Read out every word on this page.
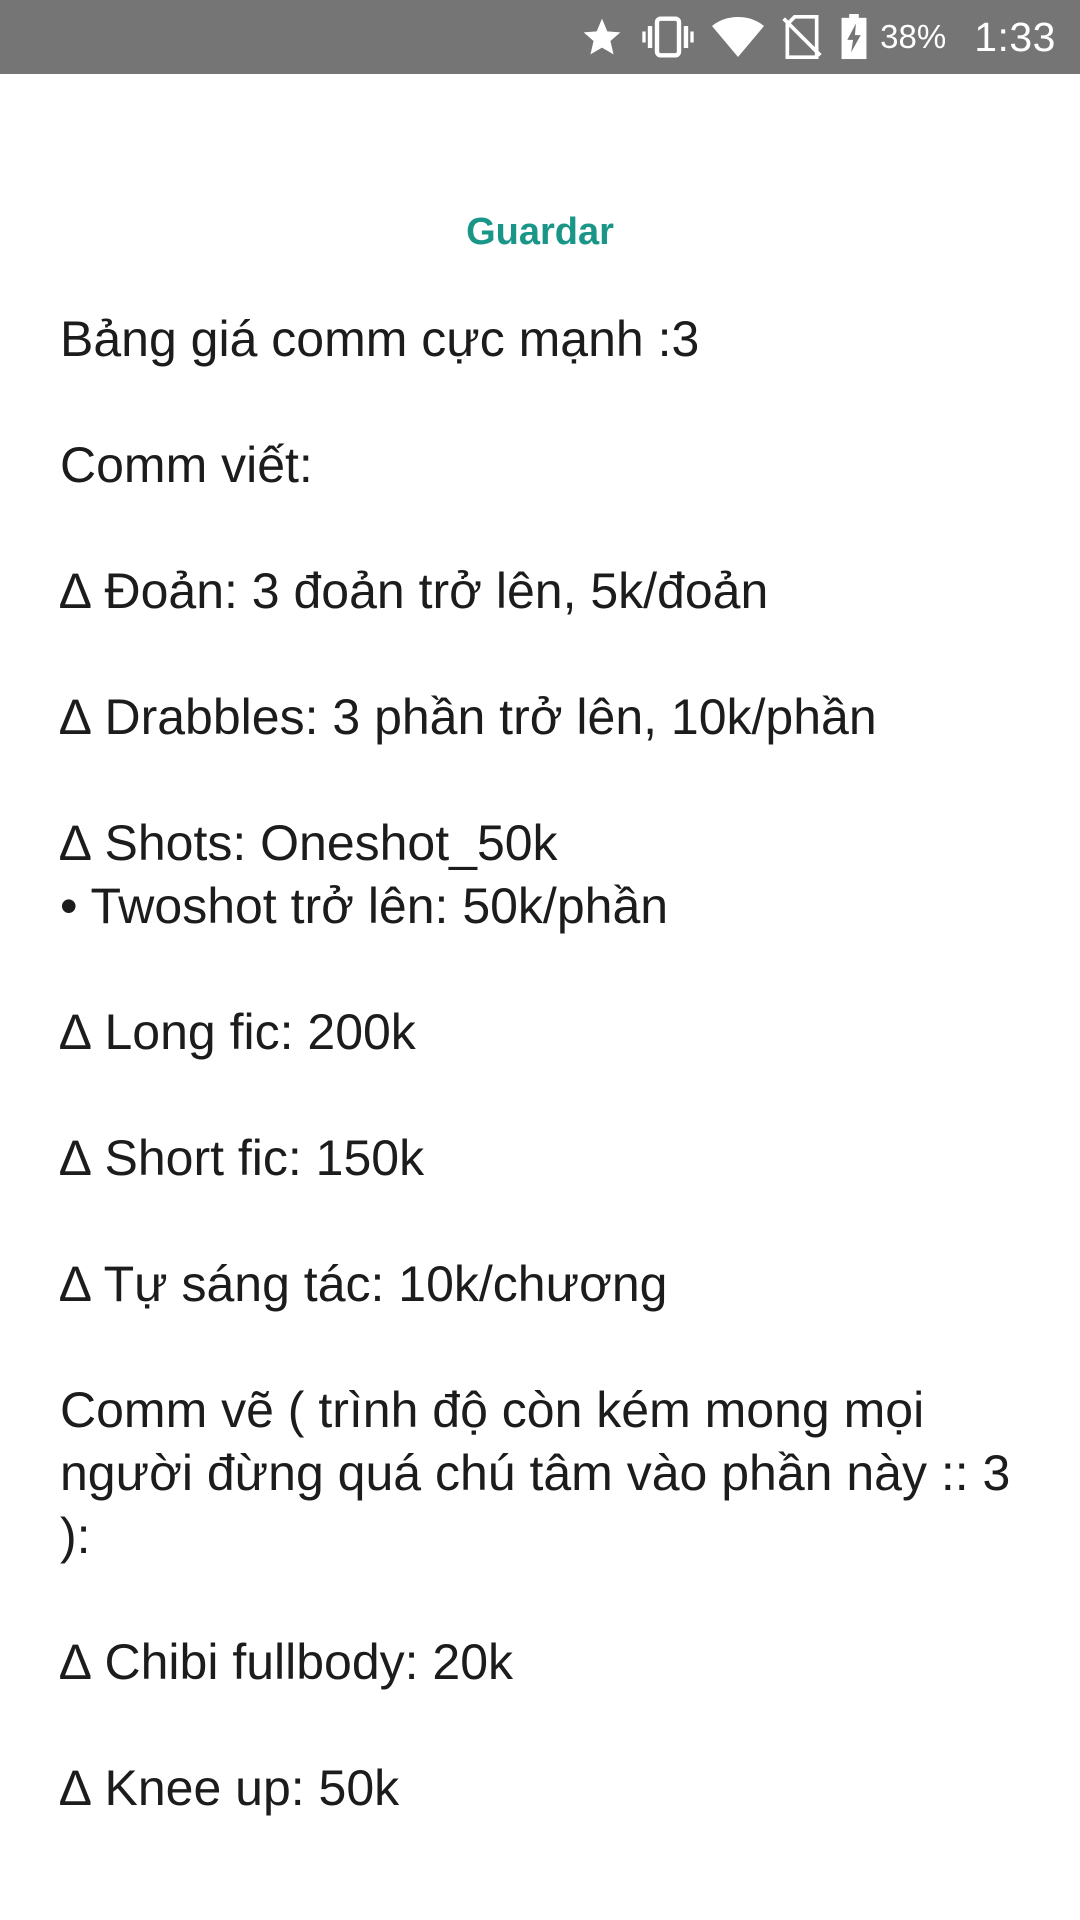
38% 1:33
Guardar
Bảng giá comm cực mạnh :3
Comm viết:
∆ Đoản: 3 đoản trở lên, 5k/đoản
∆ Drabbles: 3 phần trở lên, 10k/phần
∆ Shots: Oneshot_50k
• Twoshot trở lên: 50k/phần
∆ Long fic: 200k
∆ Short fic: 150k
∆ Tự sáng tác: 10k/chương
Comm vẽ ( trình độ còn kém mong mọi người đừng quá chú tâm vào phần này :: 3 ):
∆ Chibi fullbody: 20k
∆ Knee up: 50k
